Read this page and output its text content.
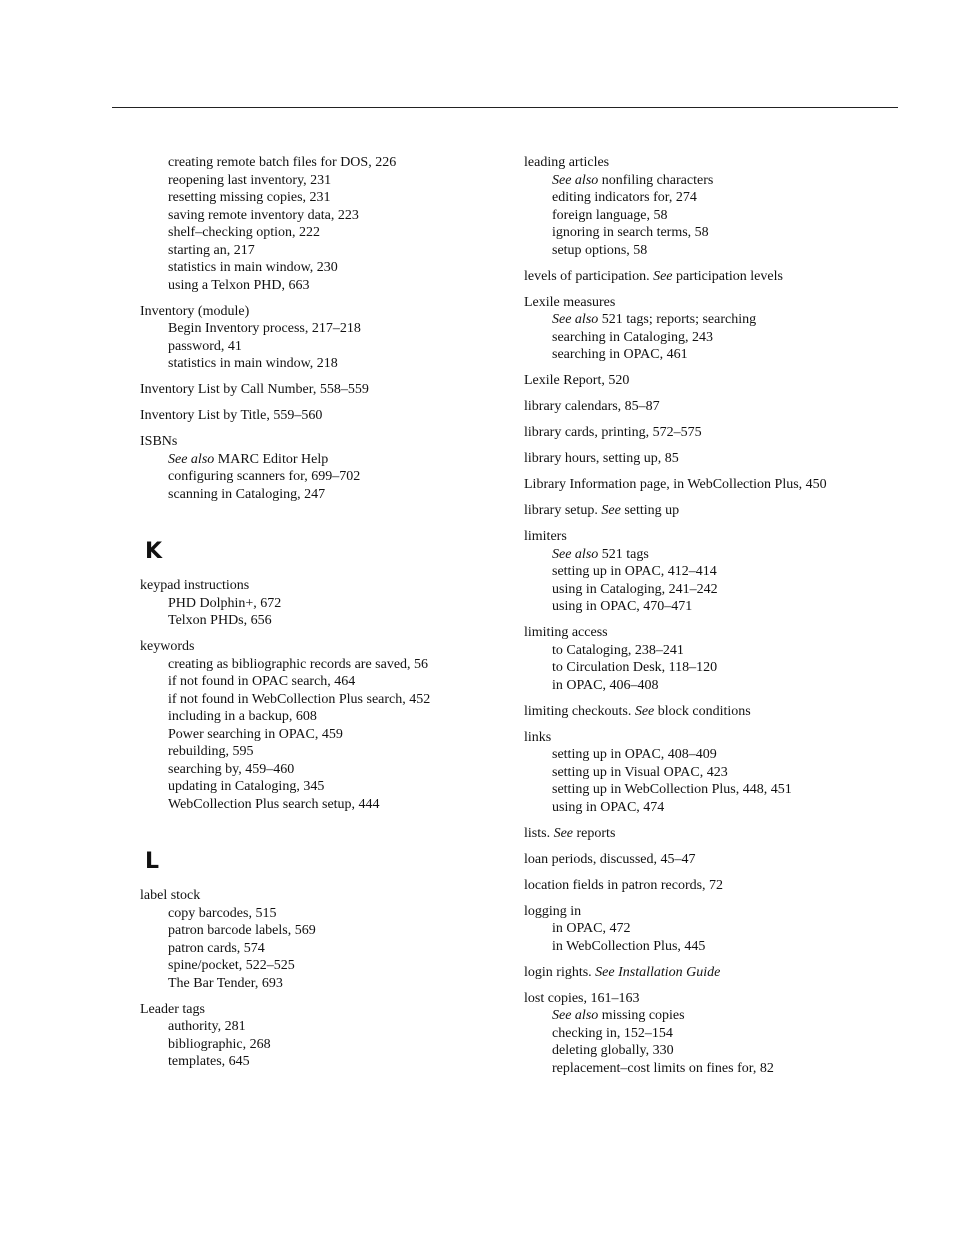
creating remote batch files for DOS, 226
reopening last inventory, 231
resetting missing copies, 231
saving remote inventory data, 223
shelf–checking option, 222
starting an, 217
statistics in main window, 230
using a Telxon PHD, 663
Inventory (module)
Begin Inventory process, 217–218
password, 41
statistics in main window, 218
Inventory List by Call Number, 558–559
Inventory List by Title, 559–560
ISBNs
See also MARC Editor Help
configuring scanners for, 699–702
scanning in Cataloging, 247
K
keypad instructions
PHD Dolphin+, 672
Telxon PHDs, 656
keywords
creating as bibliographic records are saved, 56
if not found in OPAC search, 464
if not found in WebCollection Plus search, 452
including in a backup, 608
Power searching in OPAC, 459
rebuilding, 595
searching by, 459–460
updating in Cataloging, 345
WebCollection Plus search setup, 444
L
label stock
copy barcodes, 515
patron barcode labels, 569
patron cards, 574
spine/pocket, 522–525
The Bar Tender, 693
Leader tags
authority, 281
bibliographic, 268
templates, 645
leading articles
See also nonfiling characters
editing indicators for, 274
foreign language, 58
ignoring in search terms, 58
setup options, 58
levels of participation. See participation levels
Lexile measures
See also 521 tags; reports; searching
searching in Cataloging, 243
searching in OPAC, 461
Lexile Report, 520
library calendars, 85–87
library cards, printing, 572–575
library hours, setting up, 85
Library Information page, in WebCollection Plus, 450
library setup. See setting up
limiters
See also 521 tags
setting up in OPAC, 412–414
using in Cataloging, 241–242
using in OPAC, 470–471
limiting access
to Cataloging, 238–241
to Circulation Desk, 118–120
in OPAC, 406–408
limiting checkouts. See block conditions
links
setting up in OPAC, 408–409
setting up in Visual OPAC, 423
setting up in WebCollection Plus, 448, 451
using in OPAC, 474
lists. See reports
loan periods, discussed, 45–47
location fields in patron records, 72
logging in
in OPAC, 472
in WebCollection Plus, 445
login rights. See Installation Guide
lost copies, 161–163
See also missing copies
checking in, 152–154
deleting globally, 330
replacement–cost limits on fines for, 82
